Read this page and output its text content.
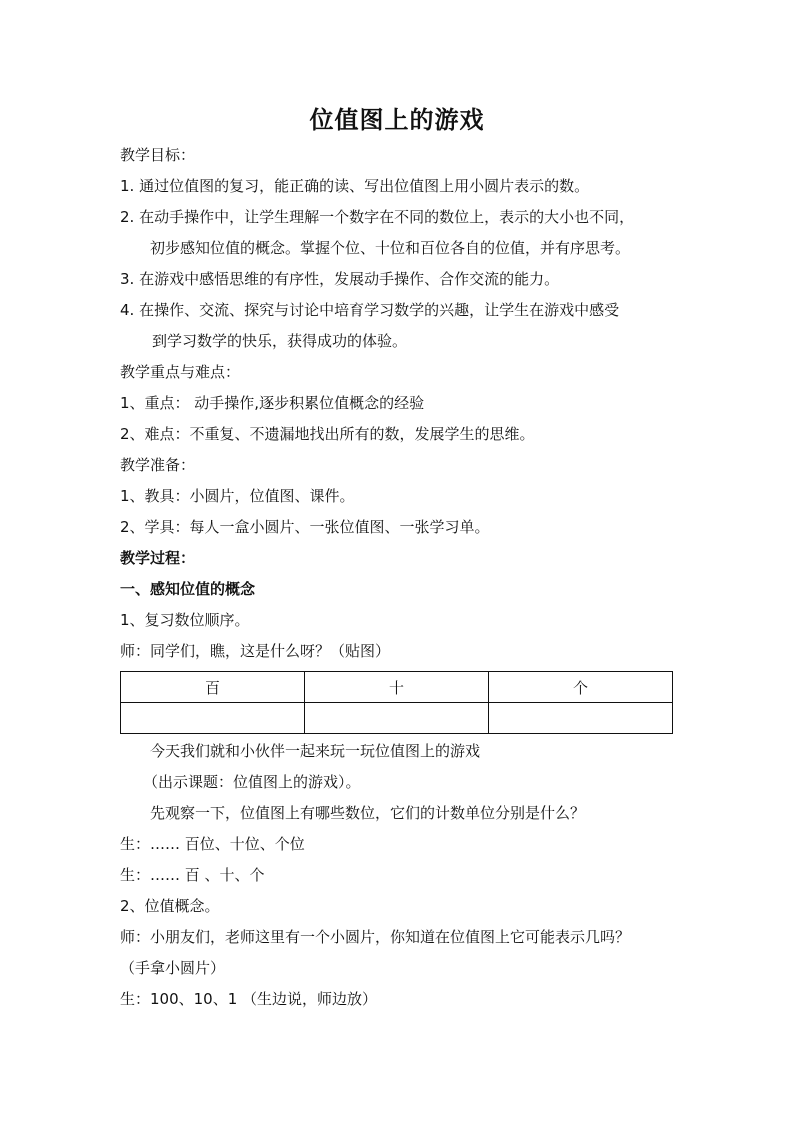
位值图上的游戏
教学目标：
1. 通过位值图的复习，能正确的读、写出位值图上用小圆片表示的数。
2. 在动手操作中，让学生理解一个数字在不同的数位上，表示的大小也不同，
初步感知位值的概念。掌握个位、十位和百位各自的位值，并有序思考。
3. 在游戏中感悟思维的有序性，发展动手操作、合作交流的能力。
4. 在操作、交流、探究与讨论中培育学习数学的兴趣，让学生在游戏中感受
到学习数学的快乐，获得成功的体验。
教学重点与难点：
1、重点： 动手操作,逐步积累位值概念的经验
2、难点：不重复、不遗漏地找出所有的数，发展学生的思维。
教学准备：
1、教具：小圆片，位值图、课件。
2、学具：每人一盒小圆片、一张位值图、一张学习单。
教学过程：
一、感知位值的概念
1、复习数位顺序。
师：同学们，瞧，这是什么呀？（贴图）
百	十	个

今天我们就和小伙伴一起来玩一玩位值图上的游戏
（出示课题：位值图上的游戏）。
先观察一下，位值图上有哪些数位，它们的计数单位分别是什么？
生：…… 百位、十位、个位
生：…… 百 、十、个
2、位值概念。
师：小朋友们，老师这里有一个小圆片，你知道在位值图上它可能表示几吗？
（手拿小圆片）
生：100、10、1 （生边说，师边放）
